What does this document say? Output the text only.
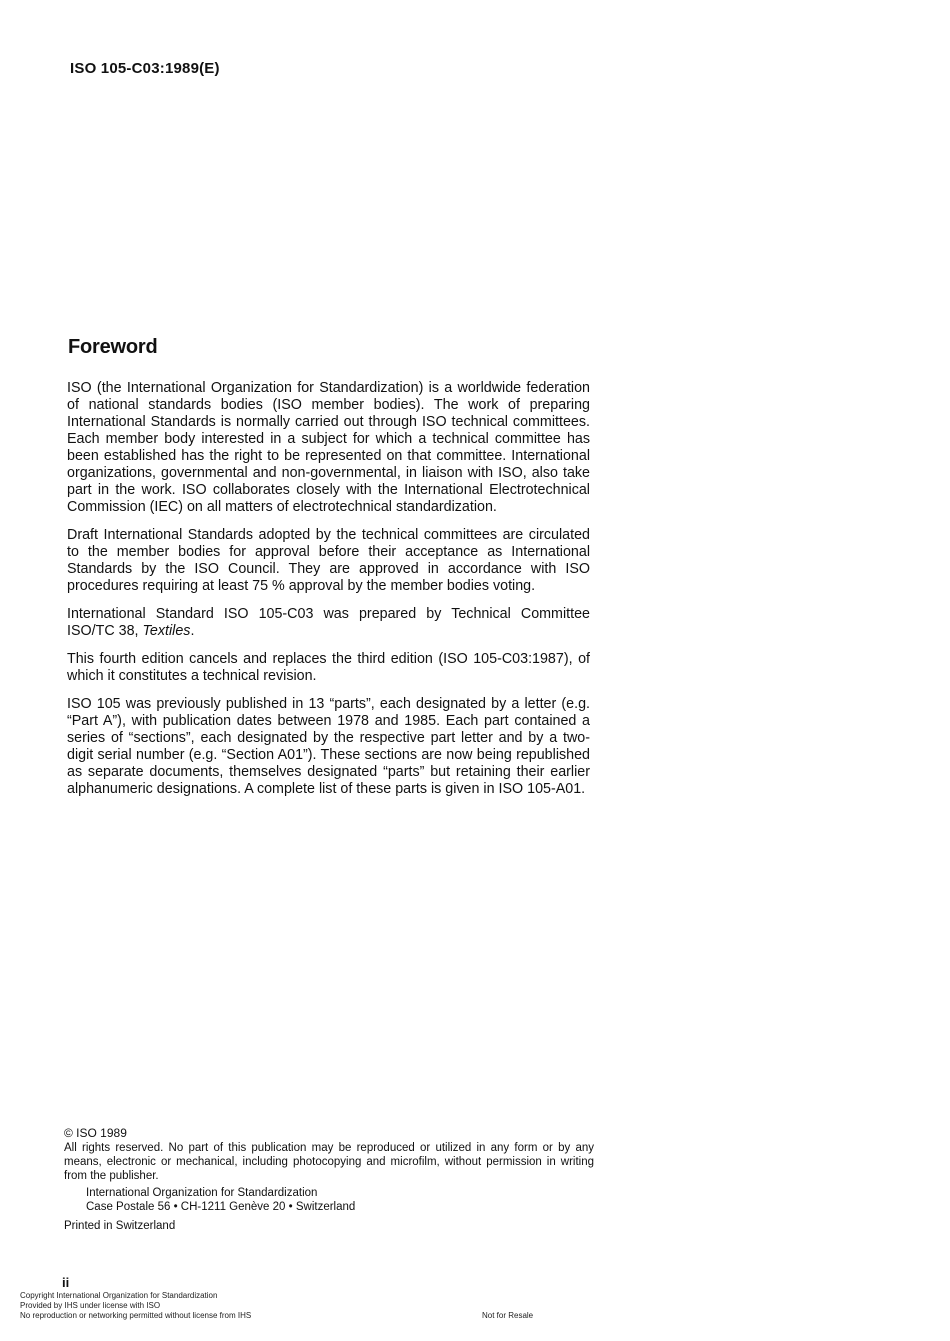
ISO 105-C03:1989(E)
Foreword

ISO (the International Organization for Standardization) is a worldwide federation of national standards bodies (ISO member bodies). The work of preparing International Standards is normally carried out through ISO technical committees. Each member body interested in a subject for which a technical committee has been established has the right to be represented on that committee. International organizations, governmental and non-governmental, in liaison with ISO, also take part in the work. ISO collaborates closely with the International Electrotechnical Commission (IEC) on all matters of electrotechnical standardization.

Draft International Standards adopted by the technical committees are circulated to the member bodies for approval before their acceptance as International Standards by the ISO Council. They are approved in accordance with ISO procedures requiring at least 75 % approval by the member bodies voting.

International Standard ISO 105-C03 was prepared by Technical Committee ISO/TC 38, Textiles.

This fourth edition cancels and replaces the third edition (ISO 105-C03:1987), of which it constitutes a technical revision.

ISO 105 was previously published in 13 “parts”, each designated by a letter (e.g. “Part A”), with publication dates between 1978 and 1985. Each part contained a series of “sections”, each designated by the respective part letter and by a two-digit serial number (e.g. “Section A01”). These sections are now being republished as separate documents, themselves designated “parts” but retaining their earlier alphanumeric designations. A complete list of these parts is given in ISO 105-A01.

© ISO 1989

All rights reserved. No part of this publication may be reproduced or utilized in any form or by any means, electronic or mechanical, including photocopying and microfilm, without permission in writing from the publisher.

International Organization for Standardization

Case Postale 56 • CH-1211 Genève 20 • Switzerland

Printed in Switzerland

ii

Copyright International Organization for Standardization

Provided by IHS under license with ISO

No reproduction or networking permitted without license from IHS	Not for Resale
